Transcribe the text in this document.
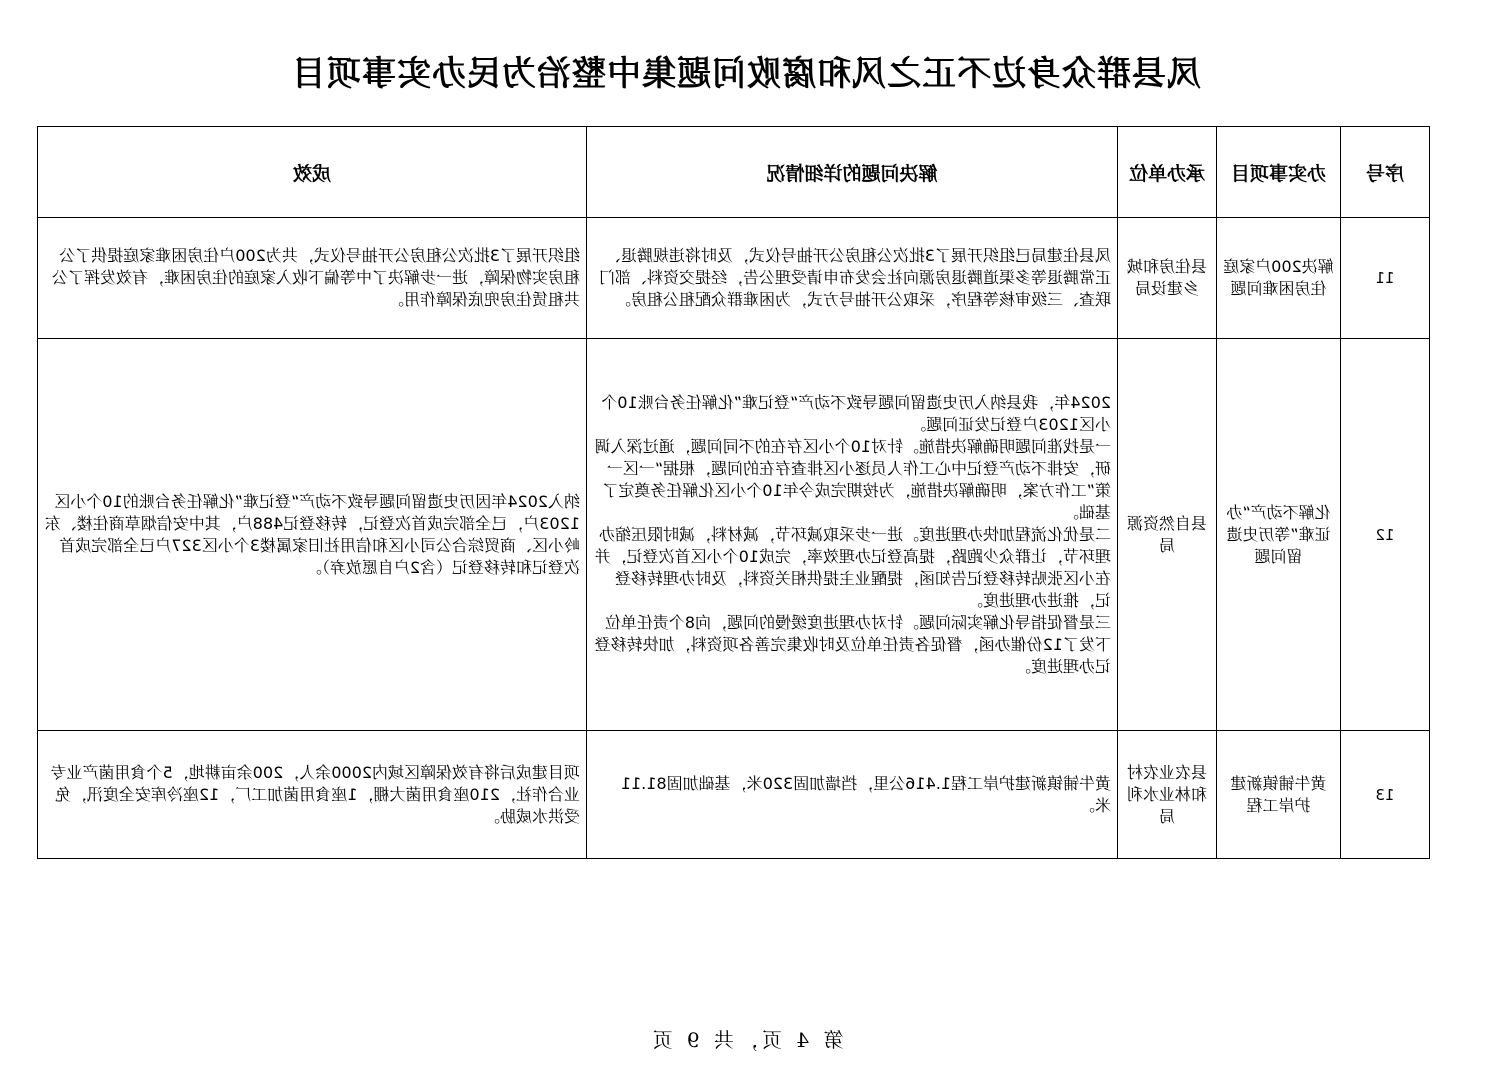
凤县群众身边不正之风和腐败问题集中整治为民办实事项目
序号	办实事项目	承办单位	解决问题的详细情况	成效
11	解决200户家庭住房困难问题	县住房和城乡建设局	凤县住建局已组织开展了3批次公租房公开抽号仪式，及时将违规腾退、正常腾退等多渠道腾退房源向社会发布申请受理公告，经提交资料、部门联查、三级审核等程序，采取公开抽号方式，为困难群众配租公租房。	组织开展了3批次公租房公开抽号仪式，共为200户住房困难家庭提供了公租房实物保障，进一步解决了中等偏下收入家庭的住房困难，有效发挥了公共租赁住房兜底保障作用。
12	化解不动产“办证难”等历史遗留问题	县自然资源局	2024年，我县纳入历史遗留问题导致不动产“登记难”化解任务台账10个小区1203户登记发证问题。
一是找准问题明确解决措施。针对10个小区存在的不同问题，通过深入调研，安排不动产登记中心工作人员逐小区排查存在的问题，根据“一区一策”工作方案，明确解决措施，为按期完成今年10个小区化解任务奠定了基础。
二是优化流程加快办理进度。进一步采取减环节，减材料，减时限压缩办理环节，让群众少跑路，提高登记办理效率，完成10个小区首次登记，并在小区张贴转移登记告知函，提醒业主提供相关资料，及时办理转移登记，推进办理进度。
三是督促指导化解实际问题。针对办理进度缓慢的问题，向8个责任单位下发了12份催办函，督促各责任单位及时收集完善各项资料，加快转移登记办理进度。	纳入2024年因历史遗留问题导致不动产“登记难”化解任务台账的10个小区1203户，已全部完成首次登记，转移登记488户，其中安信烟草商住楼、东岭小区、商贸综合公司小区和信用社旧家属楼3个小区327户已全部完成首次登记和转移登记（含2户自愿放弃）。
13	黄牛铺镇新建护岸工程	县农业农村和林业水利局	黄牛铺镇新建护岸工程1.416公里，挡墙加固320米，基础加固81.11米。	项目建成后将有效保障区域内2000余人，200余亩耕地，5个食用菌产业专业合作社，210座食用菌大棚，1座食用菌加工厂，12座冷库安全度汛，免受洪水威胁。
第 4 页，共 9 页
